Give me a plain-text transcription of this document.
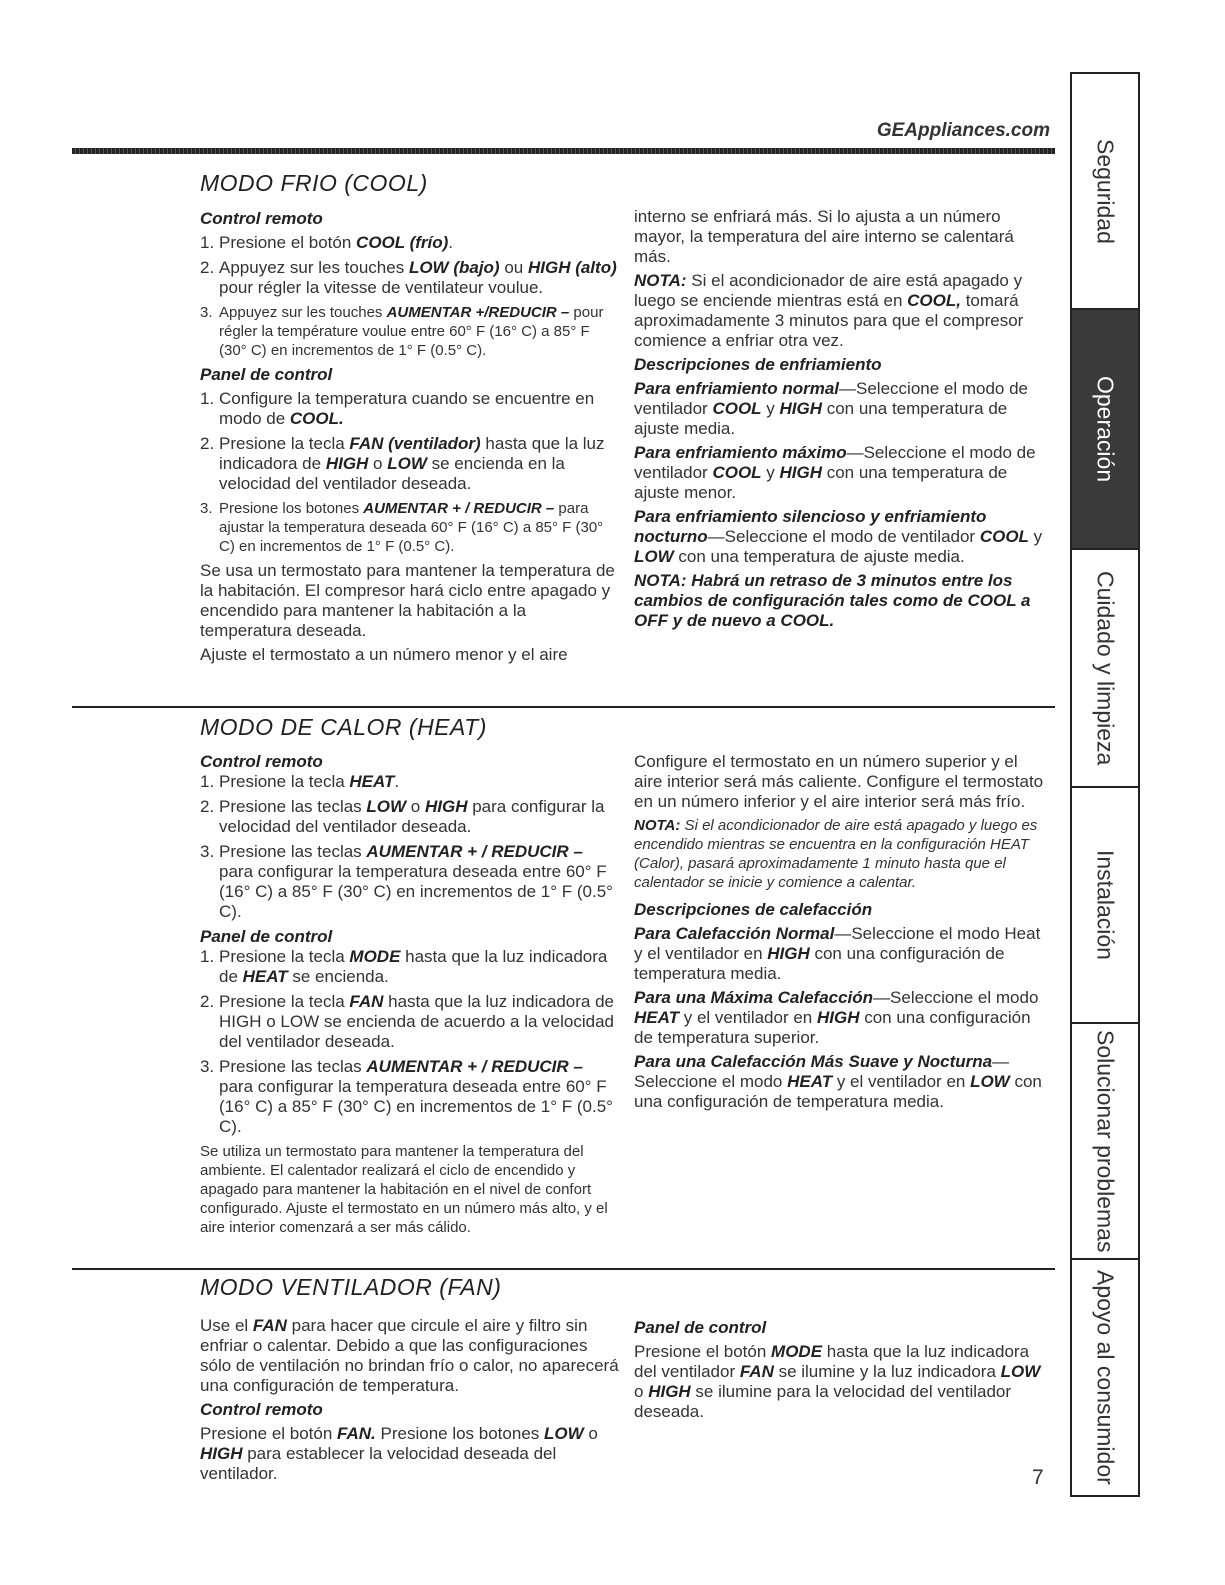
GEAppliances.com
MODO FRIO (COOL)

Control remoto

1. Presione el botón COOL (frío).
2. Appuyez sur les touches LOW (bajo) ou HIGH (alto) pour régler la vitesse de ventilateur voulue.
3. Appuyez sur les touches AUMENTAR +/REDUCIR – pour régler la température voulue entre 60° F (16° C) a 85° F (30° C) en incrementos de 1° F (0.5° C).

Panel de control

1. Configure la temperatura cuando se encuentre en modo de COOL.
2. Presione la tecla FAN (ventilador) hasta que la luz indicadora de HIGH o LOW se encienda en la velocidad del ventilador deseada.
3. Presione los botones AUMENTAR + / REDUCIR – para ajustar la temperatura deseada 60° F (16° C) a 85° F (30° C) en incrementos de 1° F (0.5° C).

Se usa un termostato para mantener la temperatura de la habitación. El compresor hará ciclo entre apagado y encendido para mantener la habitación a la temperatura deseada.

Ajuste el termostato a un número menor y el aire

interno se enfriará más. Si lo ajusta a un número mayor, la temperatura del aire interno se calentará más.

NOTA: Si el acondicionador de aire está apagado y luego se enciende mientras está en COOL, tomará aproximadamente 3 minutos para que el compresor comience a enfriar otra vez.

Descripciones de enfriamiento

Para enfriamiento normal—Seleccione el modo de ventilador COOL y HIGH con una temperatura de ajuste media.

Para enfriamiento máximo—Seleccione el modo de ventilador COOL y HIGH con una temperatura de ajuste menor.

Para enfriamiento silencioso y enfriamiento nocturno—Seleccione el modo de ventilador COOL y LOW con una temperatura de ajuste media.

NOTA: Habrá un retraso de 3 minutos entre los cambios de configuración tales como de COOL a OFF y de nuevo a COOL.

MODO DE CALOR (HEAT)

Control remoto

1. Presione la tecla HEAT.
2. Presione las teclas LOW o HIGH para configurar la velocidad del ventilador deseada.
3. Presione las teclas AUMENTAR + / REDUCIR – para configurar la temperatura deseada entre 60° F (16° C) a 85° F (30° C) en incrementos de 1° F (0.5° C).

Panel de control

1. Presione la tecla MODE hasta que la luz indicadora de HEAT se encienda.
2. Presione la tecla FAN hasta que la luz indicadora de HIGH o LOW se encienda de acuerdo a la velocidad del ventilador deseada.
3. Presione las teclas AUMENTAR + / REDUCIR – para configurar la temperatura deseada entre 60° F (16° C) a 85° F (30° C) en incrementos de 1° F (0.5° C).

Se utiliza un termostato para mantener la temperatura del ambiente. El calentador realizará el ciclo de encendido y apagado para mantener la habitación en el nivel de confort configurado. Ajuste el termostato en un número más alto, y el aire interior comenzará a ser más cálido.

Configure el termostato en un número superior y el aire interior será más caliente. Configure el termostato en un número inferior y el aire interior será más frío.

NOTA: Si el acondicionador de aire está apagado y luego es encendido mientras se encuentra en la configuración HEAT (Calor), pasará aproximadamente 1 minuto hasta que el calentador se inicie y comience a calentar.

Descripciones de calefacción

Para Calefacción Normal—Seleccione el modo Heat y el ventilador en HIGH con una configuración de temperatura media.

Para una Máxima Calefacción—Seleccione el modo HEAT y el ventilador en HIGH con una configuración de temperatura superior.

Para una Calefacción Más Suave y Nocturna— Seleccione el modo HEAT y el ventilador en LOW con una configuración de temperatura media.

MODO VENTILADOR (FAN)

Use el FAN para hacer que circule el aire y filtro sin enfriar o calentar. Debido a que las configuraciones sólo de ventilación no brindan frío o calor, no aparecerá una configuración de temperatura.

Control remoto

Presione el botón FAN. Presione los botones LOW o HIGH para establecer la velocidad deseada del ventilador.

Panel de control

Presione el botón MODE hasta que la luz indicadora del ventilador FAN se ilumine y la luz indicadora LOW o HIGH se ilumine para la velocidad del ventilador deseada.

7
Seguridad
Operación
Cuidado y limpieza
Instalación
Solucionar problemas
Apoyo al consumidor
